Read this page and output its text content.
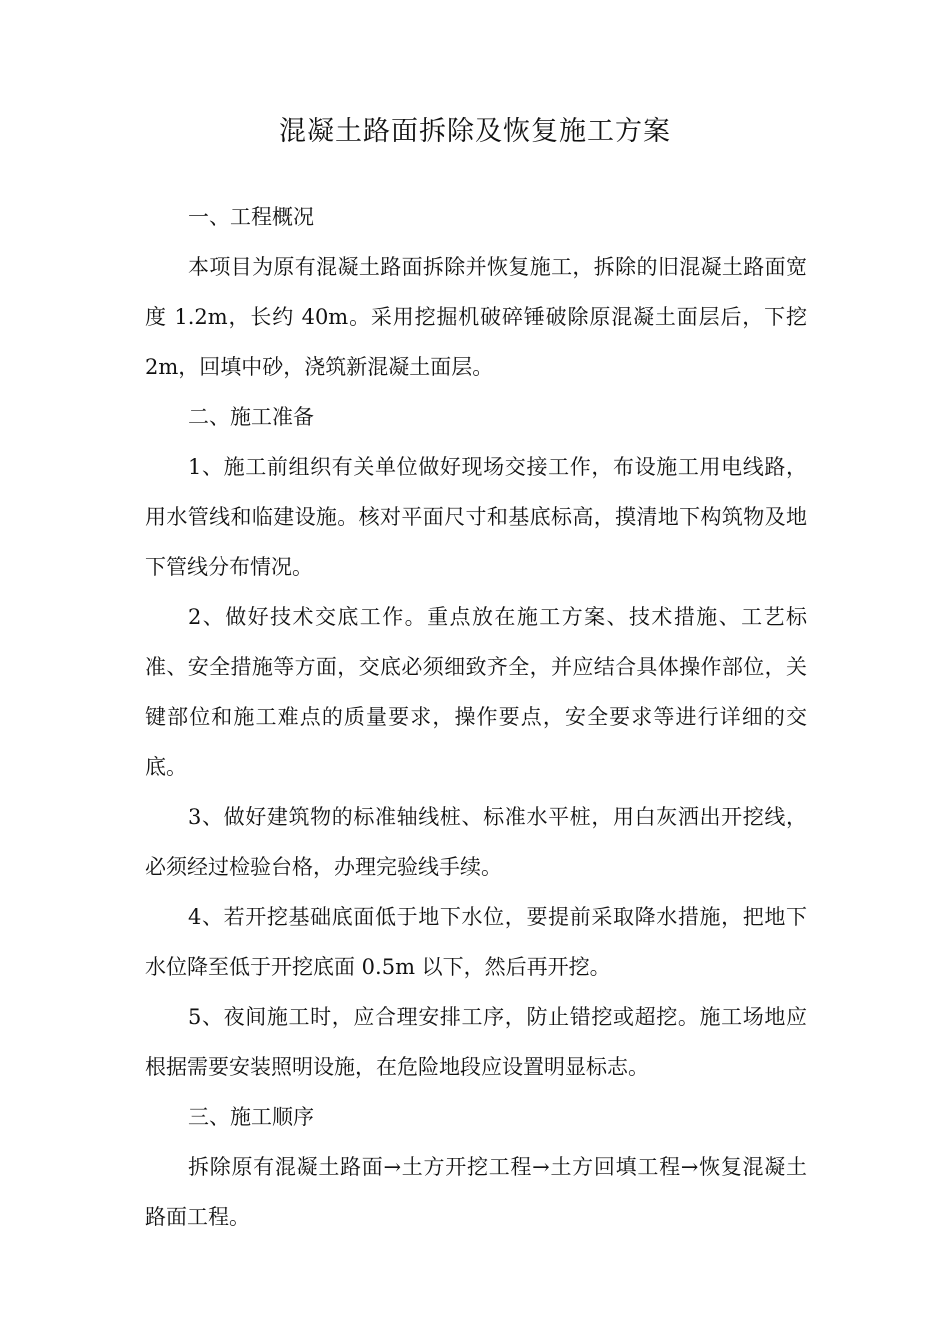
混凝土路面拆除及恢复施工方案

一、工程概况

本项目为原有混凝土路面拆除并恢复施工，拆除的旧混凝土路面宽度 1.2m，长约 40m。采用挖掘机破碎锤破除原混凝土面层后，下挖 2m，回填中砂，浇筑新混凝土面层。

二、施工准备

1、施工前组织有关单位做好现场交接工作，布设施工用电线路，用水管线和临建设施。核对平面尺寸和基底标高，摸清地下构筑物及地下管线分布情况。

2、做好技术交底工作。重点放在施工方案、技术措施、工艺标准、安全措施等方面，交底必须细致齐全，并应结合具体操作部位，关键部位和施工难点的质量要求，操作要点，安全要求等进行详细的交底。

3、做好建筑物的标准轴线桩、标准水平桩，用白灰洒出开挖线，必须经过检验台格，办理完验线手续。

4、若开挖基础底面低于地下水位，要提前采取降水措施，把地下水位降至低于开挖底面 0.5m 以下，然后再开挖。

5、夜间施工时，应合理安排工序，防止错挖或超挖。施工场地应根据需要安装照明设施，在危险地段应设置明显标志。

三、施工顺序

拆除原有混凝土路面→土方开挖工程→土方回填工程→恢复混凝土路面工程。
